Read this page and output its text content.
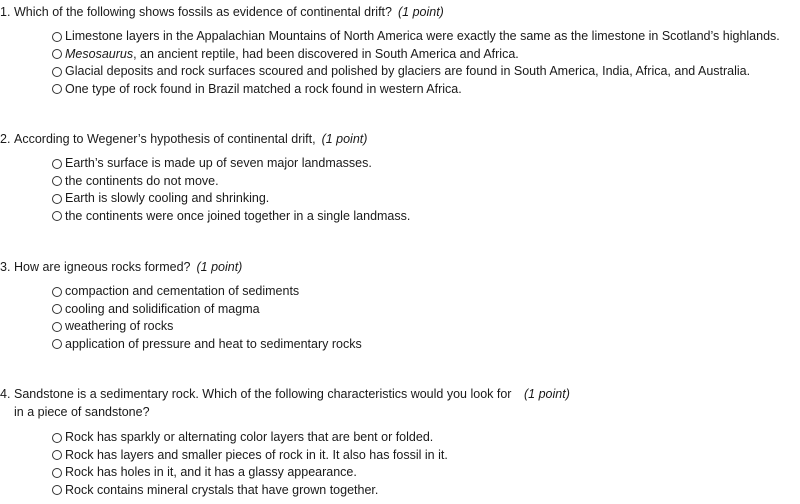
1. Which of the following shows fossils as evidence of continental drift? (1 point)
Limestone layers in the Appalachian Mountains of North America were exactly the same as the limestone in Scotland’s highlands.
Mesosaurus, an ancient reptile, had been discovered in South America and Africa.
Glacial deposits and rock surfaces scoured and polished by glaciers are found in South America, India, Africa, and Australia.
One type of rock found in Brazil matched a rock found in western Africa.
2. According to Wegener’s hypothesis of continental drift, (1 point)
Earth’s surface is made up of seven major landmasses.
the continents do not move.
Earth is slowly cooling and shrinking.
the continents were once joined together in a single landmass.
3. How are igneous rocks formed? (1 point)
compaction and cementation of sediments
cooling and solidification of magma
weathering of rocks
application of pressure and heat to sedimentary rocks
4. Sandstone is a sedimentary rock. Which of the following characteristics would you look for (1 point)
in a piece of sandstone?
Rock has sparkly or alternating color layers that are bent or folded.
Rock has layers and smaller pieces of rock in it. It also has fossil in it.
Rock has holes in it, and it has a glassy appearance.
Rock contains mineral crystals that have grown together.
